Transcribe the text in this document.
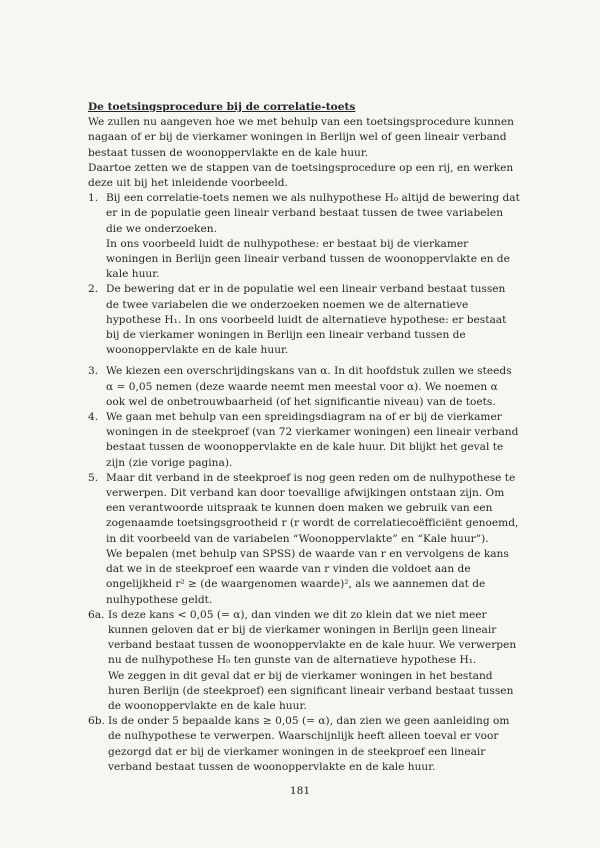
De toetsingsprocedure bij de correlatie-toets

We zullen nu aangeven hoe we met behulp van een toetsingsprocedure kunnen nagaan of er bij de vierkamer woningen in Berlijn wel of geen lineair verband bestaat tussen de woonoppervlakte en de kale huur.

Daartoe zetten we de stappen van de toetsingsprocedure op een rij, en werken deze uit bij het inleidende voorbeeld.

1. Bij een correlatie-toets nemen we als nulhypothese H₀ altijd de bewering dat er in de populatie geen lineair verband bestaat tussen de twee variabelen die we onderzoeken.

In ons voorbeeld luidt de nulhypothese: er bestaat bij de vierkamer woningen in Berlijn geen lineair verband tussen de woonoppervlakte en de kale huur.

2. De bewering dat er in de populatie wel een lineair verband bestaat tussen de twee variabelen die we onderzoeken noemen we de alternatieve hypothese H₁. In ons voorbeeld luidt de alternatieve hypothese: er bestaat bij de vierkamer woningen in Berlijn een lineair verband tussen de woonoppervlakte en de kale huur.

3. We kiezen een overschrijdingskans van α. In dit hoofdstuk zullen we steeds α = 0,05 nemen (deze waarde neemt men meestal voor α). We noemen α ook wel de onbetrouwbaarheid (of het significantie niveau) van de toets.

4. We gaan met behulp van een spreidingsdiagram na of er bij de vierkamer woningen in de steekproef (van 72 vierkamer woningen) een lineair verband bestaat tussen de woonoppervlakte en de kale huur. Dit blijkt het geval te zijn (zie vorige pagina).

5. Maar dit verband in de steekproef is nog geen reden om de nulhypothese te verwerpen. Dit verband kan door toevallige afwijkingen ontstaan zijn. Om een verantwoorde uitspraak te kunnen doen maken we gebruik van een zogenaamde toetsingsgrootheid r (r wordt de correlatiecoëfficiënt genoemd, in dit voorbeeld van de variabelen “Woonoppervlakte” en “Kale huur”).

We bepalen (met behulp van SPSS) de waarde van r en vervolgens de kans dat we in de steekproef een waarde van r vinden die voldoet aan de ongelijkheid r² ≥ (de waargenomen waarde)², als we aannemen dat de nulhypothese geldt.

6a. Is deze kans < 0,05 (= α), dan vinden we dit zo klein dat we niet meer kunnen geloven dat er bij de vierkamer woningen in Berlijn geen lineair verband bestaat tussen de woonoppervlakte en de kale huur. We verwerpen nu de nulhypothese H₀ ten gunste van de alternatieve hypothese H₁.

We zeggen in dit geval dat er bij de vierkamer woningen in het bestand huren Berlijn (de steekproef) een significant lineair verband bestaat tussen de woonoppervlakte en de kale huur.

6b. Is de onder 5 bepaalde kans ≥ 0,05 (= α), dan zien we geen aanleiding om de nulhypothese te verwerpen. Waarschijnlijk heeft alleen toeval er voor gezorgd dat er bij de vierkamer woningen in de steekproef een lineair verband bestaat tussen de woonoppervlakte en de kale huur.

181
